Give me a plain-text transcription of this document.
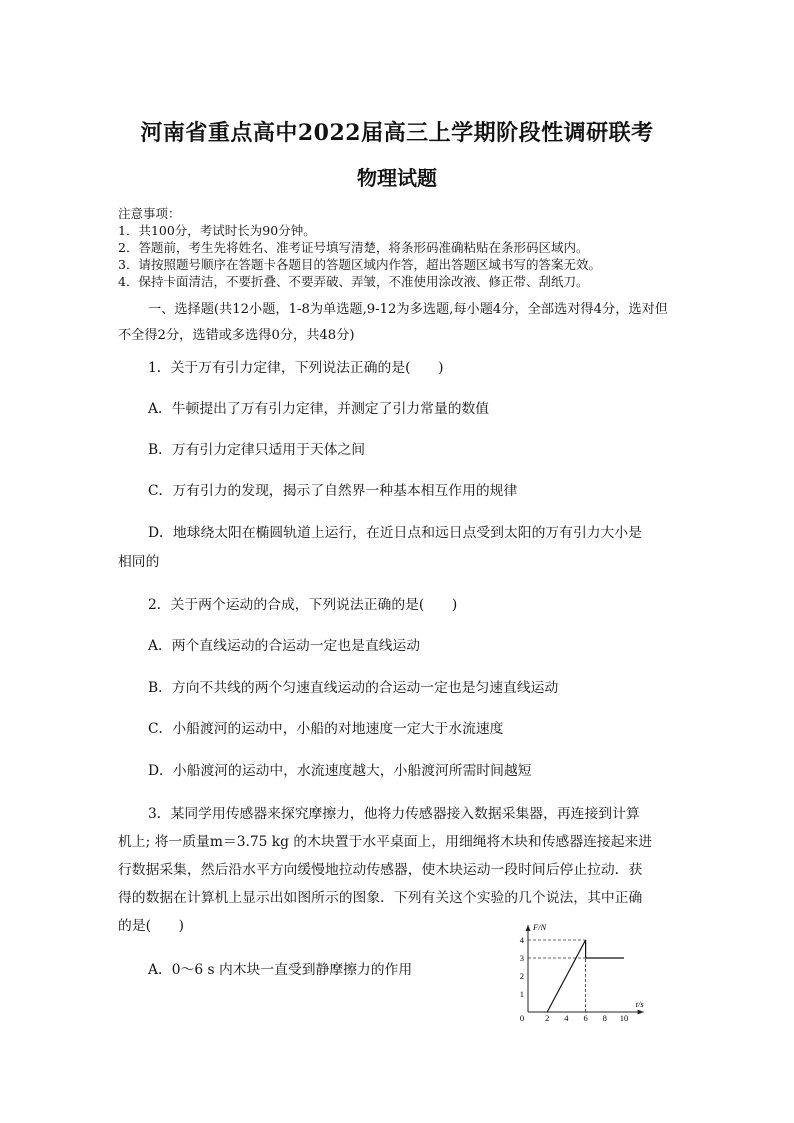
河南省重点高中2022届高三上学期阶段性调研联考
物理试题
注意事项：
1．共100分，考试时长为90分钟。
2．答题前，考生先将姓名、准考证号填写清楚，将条形码准确粘贴在条形码区域内。
3．请按照题号顺序在答题卡各题目的答题区域内作答，超出答题区域书写的答案无效。
4．保持卡面清洁，不要折叠、不要弄破、弄皱，不准使用涂改液、修正带、刮纸刀。
一、选择题(共12小题，1-8为单选题,9-12为多选题,每小题4分，全部选对得4分，选对但
不全得2分，选错或多选得0分，共48分)
1．关于万有引力定律，下列说法正确的是(　　)
A．牛顿提出了万有引力定律，并测定了引力常量的数值
B．万有引力定律只适用于天体之间
C．万有引力的发现，揭示了自然界一种基本相互作用的规律
D．地球绕太阳在椭圆轨道上运行，在近日点和远日点受到太阳的万有引力大小是
相同的
2．关于两个运动的合成，下列说法正确的是(　　)
A．两个直线运动的合运动一定也是直线运动
B．方向不共线的两个匀速直线运动的合运动一定也是匀速直线运动
C．小船渡河的运动中，小船的对地速度一定大于水流速度
D．小船渡河的运动中，水流速度越大，小船渡河所需时间越短
3．某同学用传感器来探究摩擦力，他将力传感器接入数据采集器，再连接到计算
机上; 将一质量m＝3.75 kg 的木块置于水平桌面上，用细绳将木块和传感器连接起来进
行数据采集，然后沿水平方向缓慢地拉动传感器，使木块运动一段时间后停止拉动．获
得的数据在计算机上显示出如图所示的图象．下列有关这个实验的几个说法，其中正确
的是(　　)
A．0～6 s 内木块一直受到静摩擦力的作用
0 2 4 6 8 10
1
2
3
4
F/N
t/s
